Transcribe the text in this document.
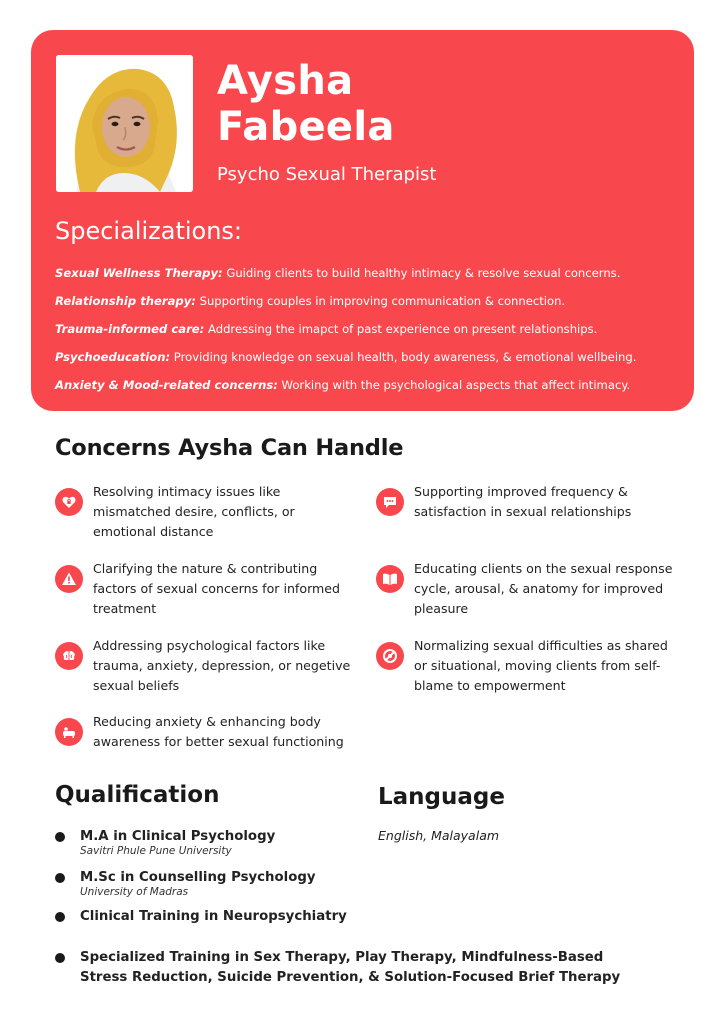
Aysha
Fabeela
Psycho Sexual Therapist
Specializations:
Sexual Wellness Therapy: Guiding clients to build healthy intimacy & resolve sexual concerns.
Relationship therapy: Supporting couples in improving communication & connection.
Trauma-informed care: Addressing the imapct of past experience on present relationships.
Psychoeducation: Providing knowledge on sexual health, body awareness, & emotional wellbeing.
Anxiety & Mood-related concerns: Working with the psychological aspects that affect intimacy.
Concerns Aysha Can Handle
Resolving intimacy issues like mismatched desire, conflicts, or emotional distance
Supporting improved frequency & satisfaction in sexual relationships
Clarifying the nature & contributing factors of sexual concerns for informed treatment
Educating clients on the sexual response cycle, arousal, & anatomy for improved pleasure
Addressing psychological factors like trauma, anxiety, depression, or negetive sexual beliefs
Normalizing sexual difficulties as shared or situational, moving clients from self-blame to empowerment
Reducing anxiety & enhancing body awareness for better sexual functioning
Qualification	Language
English, Malayalam
M.A in Clinical Psychology
Savitri Phule Pune University
M.Sc in Counselling Psychology
University of Madras
Clinical Training in Neuropsychiatry
Specialized Training in Sex Therapy, Play Therapy, Mindfulness-Based Stress Reduction, Suicide Prevention, & Solution-Focused Brief Therapy
